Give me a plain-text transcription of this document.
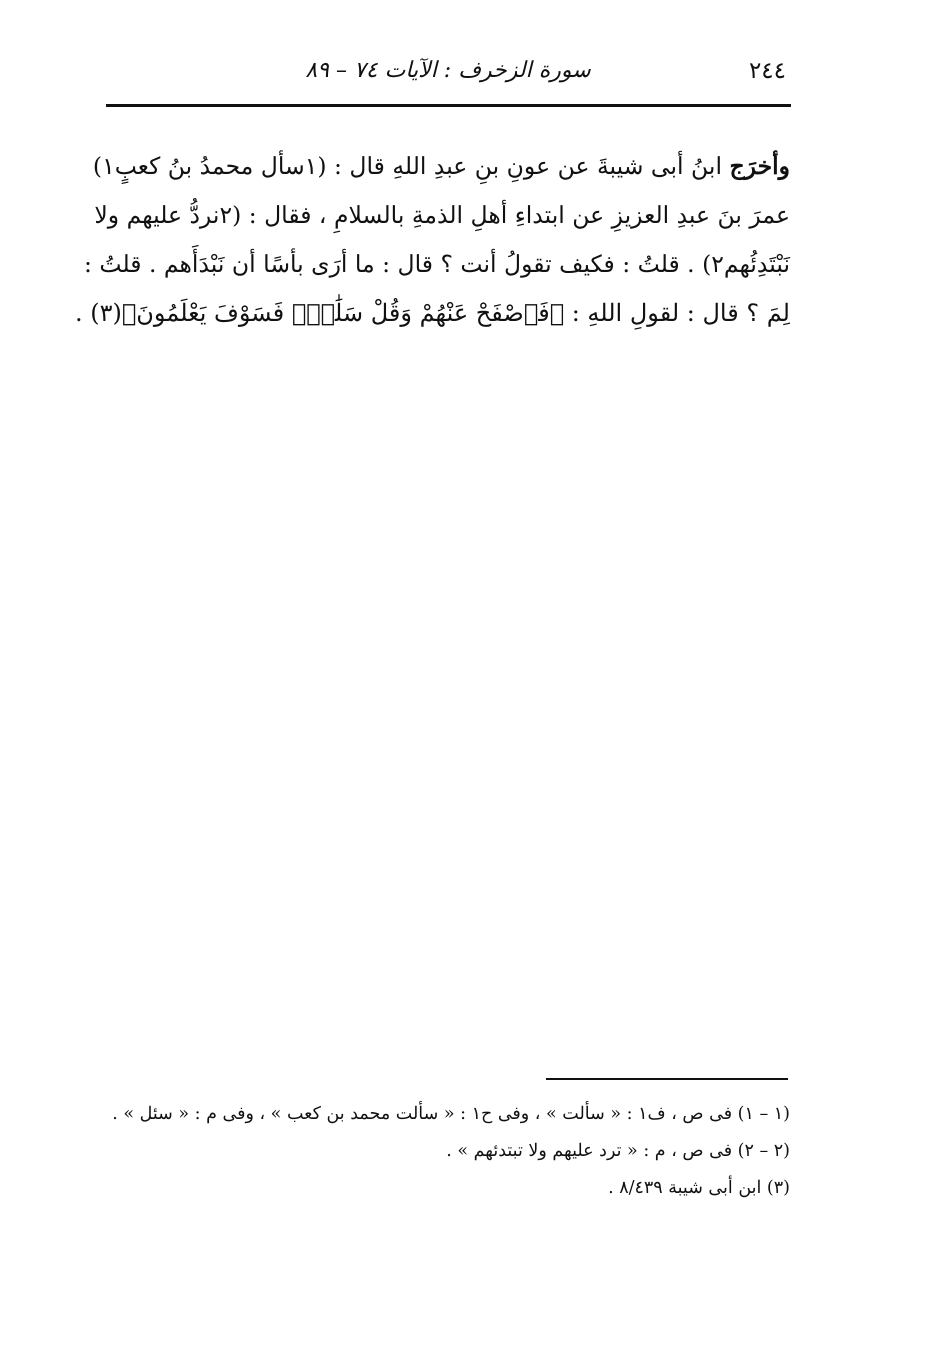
٢٤٤
سورة الزخرف : الآيات ٧٤ – ٨٩
وأخرَج ابنُ أبى شيبةَ عن عونِ بنِ عبدِ اللهِ قال : (١سأل محمدُ بنُ كعبٍ١)
عمرَ بنَ عبدِ العزيزِ عن ابتداءِ أهلِ الذمةِ بالسلامِ ، فقال : (٢نردُّ عليهم ولا
نَبْتَدِئُهم٢) . قلتُ : فكيف تقولُ أنت ؟ قال : ما أرَى بأسًا أن نَبْدَأَهم . قلتُ :
لِمَ ؟ قال : لقولِ اللهِ : ﴿فَٱصْفَحْ عَنْهُمْ وَقُلْ سَلَٰمٌۚ فَسَوْفَ يَعْلَمُونَ﴾(٣) .
(١ – ١) فى ص ، ف١ : « سألت » ، وفى ح١ : « سألت محمد بن كعب » ، وفى م : « سئل » .
(٢ – ٢) فى ص ، م : « ترد عليهم ولا تبتدئهم » .
(٣) ابن أبى شيبة ٨/٤٣٩ .
